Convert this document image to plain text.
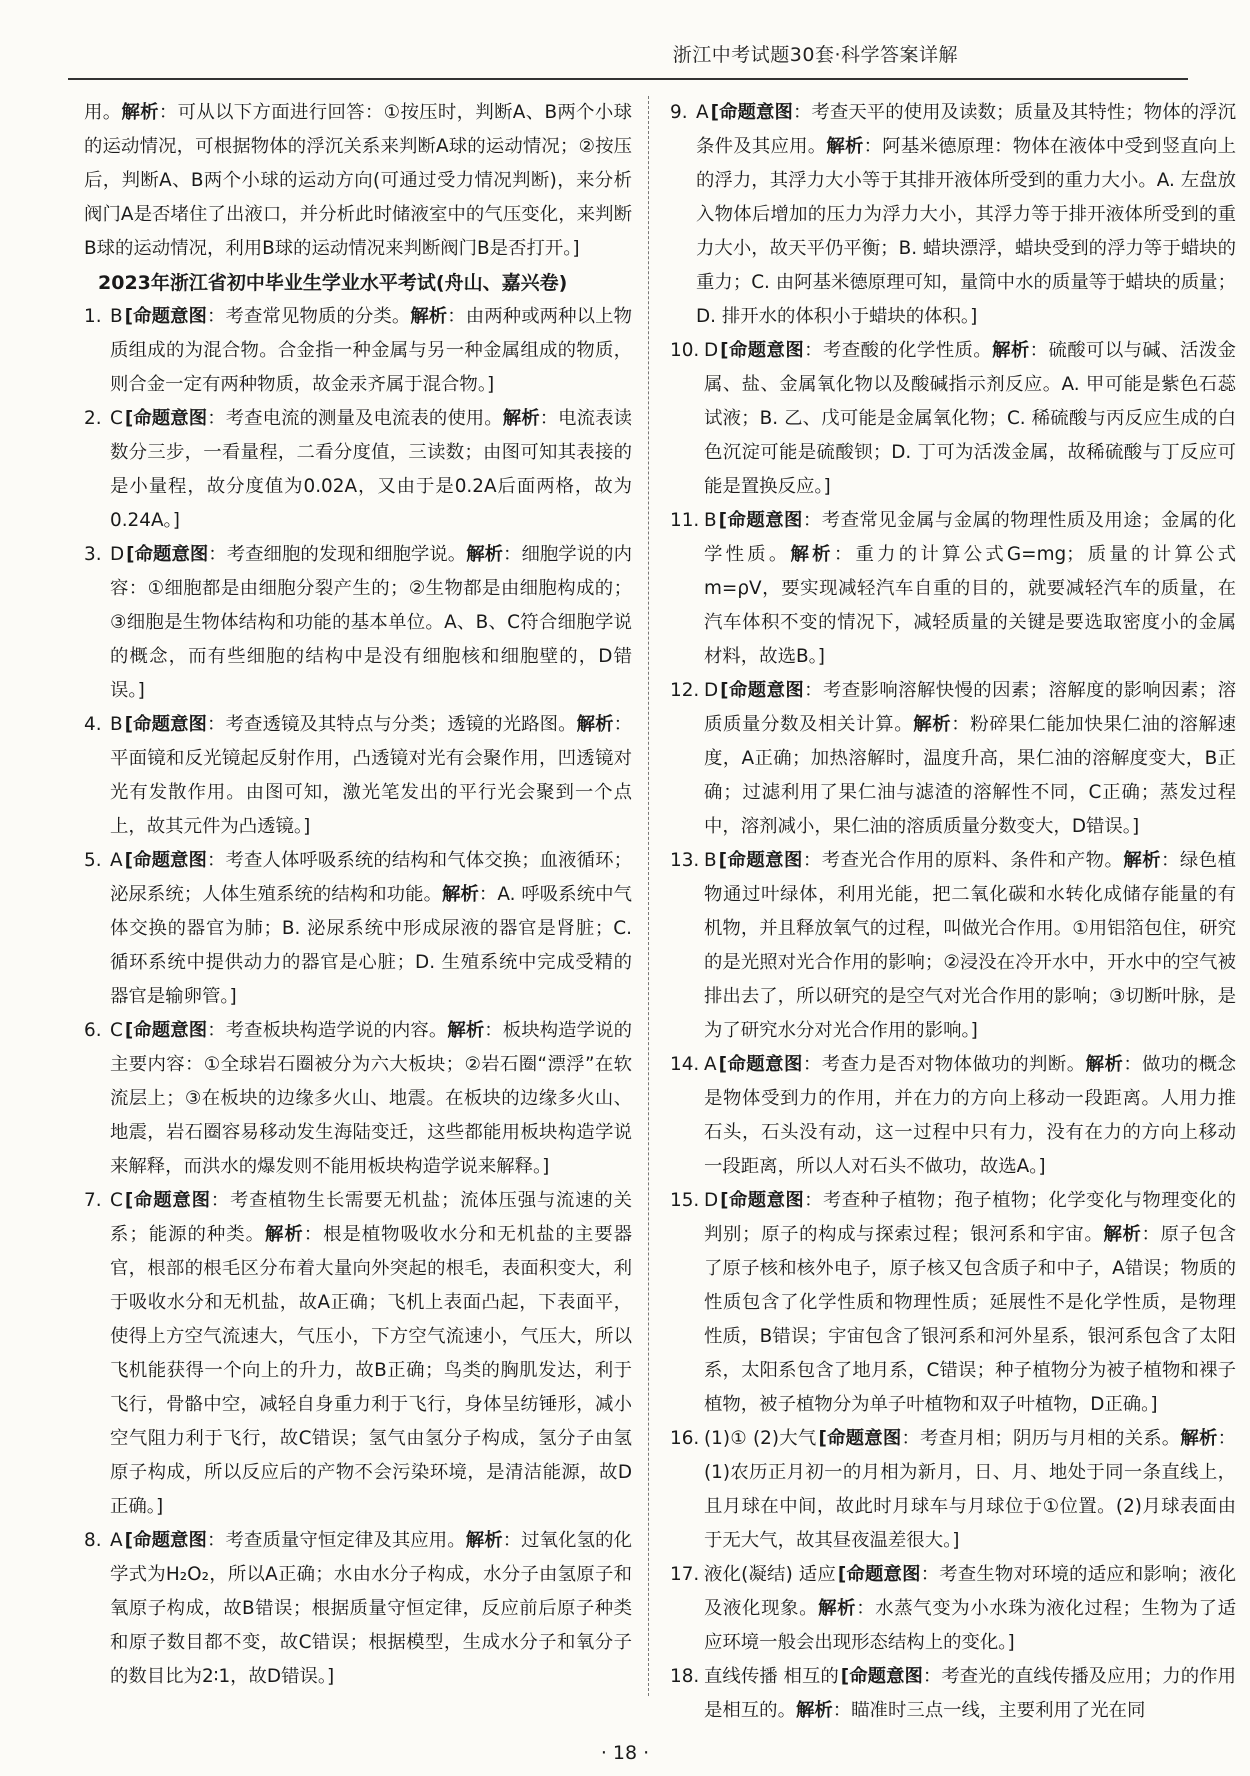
浙江中考试题30套·科学答案详解

用。解析：可从以下方面进行回答：①按压时，判断A、B两个小球的运动情况，可根据物体的浮沉关系来判断A球的运动情况；②按压后，判断A、B两个小球的运动方向(可通过受力情况判断)，来分析阀门A是否堵住了出液口，并分析此时储液室中的气压变化，来判断B球的运动情况，利用B球的运动情况来判断阀门B是否打开。]

2023年浙江省初中毕业生学业水平考试(舟山、嘉兴卷)

1. B [命题意图：考查常见物质的分类。解析：由两种或两种以上物质组成的为混合物。合金指一种金属与另一种金属组成的物质，则合金一定有两种物质，故金汞齐属于混合物。]

2. C [命题意图：考查电流的测量及电流表的使用。解析：电流表读数分三步，一看量程，二看分度值，三读数；由图可知其表接的是小量程，故分度值为0.02A，又由于是0.2A后面两格，故为0.24A。]

3. D [命题意图：考查细胞的发现和细胞学说。解析：细胞学说的内容：①细胞都是由细胞分裂产生的；②生物都是由细胞构成的；③细胞是生物体结构和功能的基本单位。A、B、C符合细胞学说的概念，而有些细胞的结构中是没有细胞核和细胞壁的，D错误。]

4. B [命题意图：考查透镜及其特点与分类；透镜的光路图。解析：平面镜和反光镜起反射作用，凸透镜对光有会聚作用，凹透镜对光有发散作用。由图可知，激光笔发出的平行光会聚到一个点上，故其元件为凸透镜。]

5. A [命题意图：考查人体呼吸系统的结构和气体交换；血液循环；泌尿系统；人体生殖系统的结构和功能。解析：A. 呼吸系统中气体交换的器官为肺；B. 泌尿系统中形成尿液的器官是肾脏；C. 循环系统中提供动力的器官是心脏；D. 生殖系统中完成受精的器官是输卵管。]

6. C [命题意图：考查板块构造学说的内容。解析：板块构造学说的主要内容：①全球岩石圈被分为六大板块；②岩石圈“漂浮”在软流层上；③在板块的边缘多火山、地震。在板块的边缘多火山、地震，岩石圈容易移动发生海陆变迁，这些都能用板块构造学说来解释，而洪水的爆发则不能用板块构造学说来解释。]

7. C [命题意图：考查植物生长需要无机盐；流体压强与流速的关系；能源的种类。解析：根是植物吸收水分和无机盐的主要器官，根部的根毛区分布着大量向外突起的根毛，表面积变大，利于吸收水分和无机盐，故A正确；飞机上表面凸起，下表面平，使得上方空气流速大，气压小，下方空气流速小，气压大，所以飞机能获得一个向上的升力，故B正确；鸟类的胸肌发达，利于飞行，骨骼中空，减轻自身重力利于飞行，身体呈纺锤形，减小空气阻力利于飞行，故C错误；氢气由氢分子构成，氢分子由氢原子构成，所以反应后的产物不会污染环境，是清洁能源，故D正确。]

8. A [命题意图：考查质量守恒定律及其应用。解析：过氧化氢的化学式为H₂O₂，所以A正确；水由水分子构成，水分子由氢原子和氧原子构成，故B错误；根据质量守恒定律，反应前后原子种类和原子数目都不变，故C错误；根据模型，生成水分子和氧分子的数目比为2∶1，故D错误。]

9. A [命题意图：考查天平的使用及读数；质量及其特性；物体的浮沉条件及其应用。解析：阿基米德原理：物体在液体中受到竖直向上的浮力，其浮力大小等于其排开液体所受到的重力大小。A. 左盘放入物体后增加的压力为浮力大小，其浮力等于排开液体所受到的重力大小，故天平仍平衡；B. 蜡块漂浮，蜡块受到的浮力等于蜡块的重力；C. 由阿基米德原理可知，量筒中水的质量等于蜡块的质量；D. 排开水的体积小于蜡块的体积。]

10. D [命题意图：考查酸的化学性质。解析：硫酸可以与碱、活泼金属、盐、金属氧化物以及酸碱指示剂反应。A. 甲可能是紫色石蕊试液；B. 乙、戊可能是金属氧化物；C. 稀硫酸与丙反应生成的白色沉淀可能是硫酸钡；D. 丁可为活泼金属，故稀硫酸与丁反应可能是置换反应。]

11. B [命题意图：考查常见金属与金属的物理性质及用途；金属的化学性质。解析：重力的计算公式G=mg；质量的计算公式m=ρV，要实现减轻汽车自重的目的，就要减轻汽车的质量，在汽车体积不变的情况下，减轻质量的关键是要选取密度小的金属材料，故选B。]

12. D [命题意图：考查影响溶解快慢的因素；溶解度的影响因素；溶质质量分数及相关计算。解析：粉碎果仁能加快果仁油的溶解速度，A正确；加热溶解时，温度升高，果仁油的溶解度变大，B正确；过滤利用了果仁油与滤渣的溶解性不同，C正确；蒸发过程中，溶剂减小，果仁油的溶质质量分数变大，D错误。]

13. B [命题意图：考查光合作用的原料、条件和产物。解析：绿色植物通过叶绿体，利用光能，把二氧化碳和水转化成储存能量的有机物，并且释放氧气的过程，叫做光合作用。①用铝箔包住，研究的是光照对光合作用的影响；②浸没在冷开水中，开水中的空气被排出去了，所以研究的是空气对光合作用的影响；③切断叶脉，是为了研究水分对光合作用的影响。]

14. A [命题意图：考查力是否对物体做功的判断。解析：做功的概念是物体受到力的作用，并在力的方向上移动一段距离。人用力推石头，石头没有动，这一过程中只有力，没有在力的方向上移动一段距离，所以人对石头不做功，故选A。]

15. D [命题意图：考查种子植物；孢子植物；化学变化与物理变化的判别；原子的构成与探索过程；银河系和宇宙。解析：原子包含了原子核和核外电子，原子核又包含质子和中子，A错误；物质的性质包含了化学性质和物理性质；延展性不是化学性质，是物理性质，B错误；宇宙包含了银河系和河外星系，银河系包含了太阳系，太阳系包含了地月系，C错误；种子植物分为被子植物和裸子植物，被子植物分为单子叶植物和双子叶植物，D正确。]

16. (1)① (2)大气 [命题意图：考查月相；阴历与月相的关系。解析：(1)农历正月初一的月相为新月，日、月、地处于同一条直线上，且月球在中间，故此时月球车与月球位于①位置。(2)月球表面由于无大气，故其昼夜温差很大。]

17. 液化(凝结) 适应 [命题意图：考查生物对环境的适应和影响；液化及液化现象。解析：水蒸气变为小水珠为液化过程；生物为了适应环境一般会出现形态结构上的变化。]

18. 直线传播 相互的 [命题意图：考查光的直线传播及应用；力的作用是相互的。解析：瞄准时三点一线，主要利用了光在同

· 18 ·
